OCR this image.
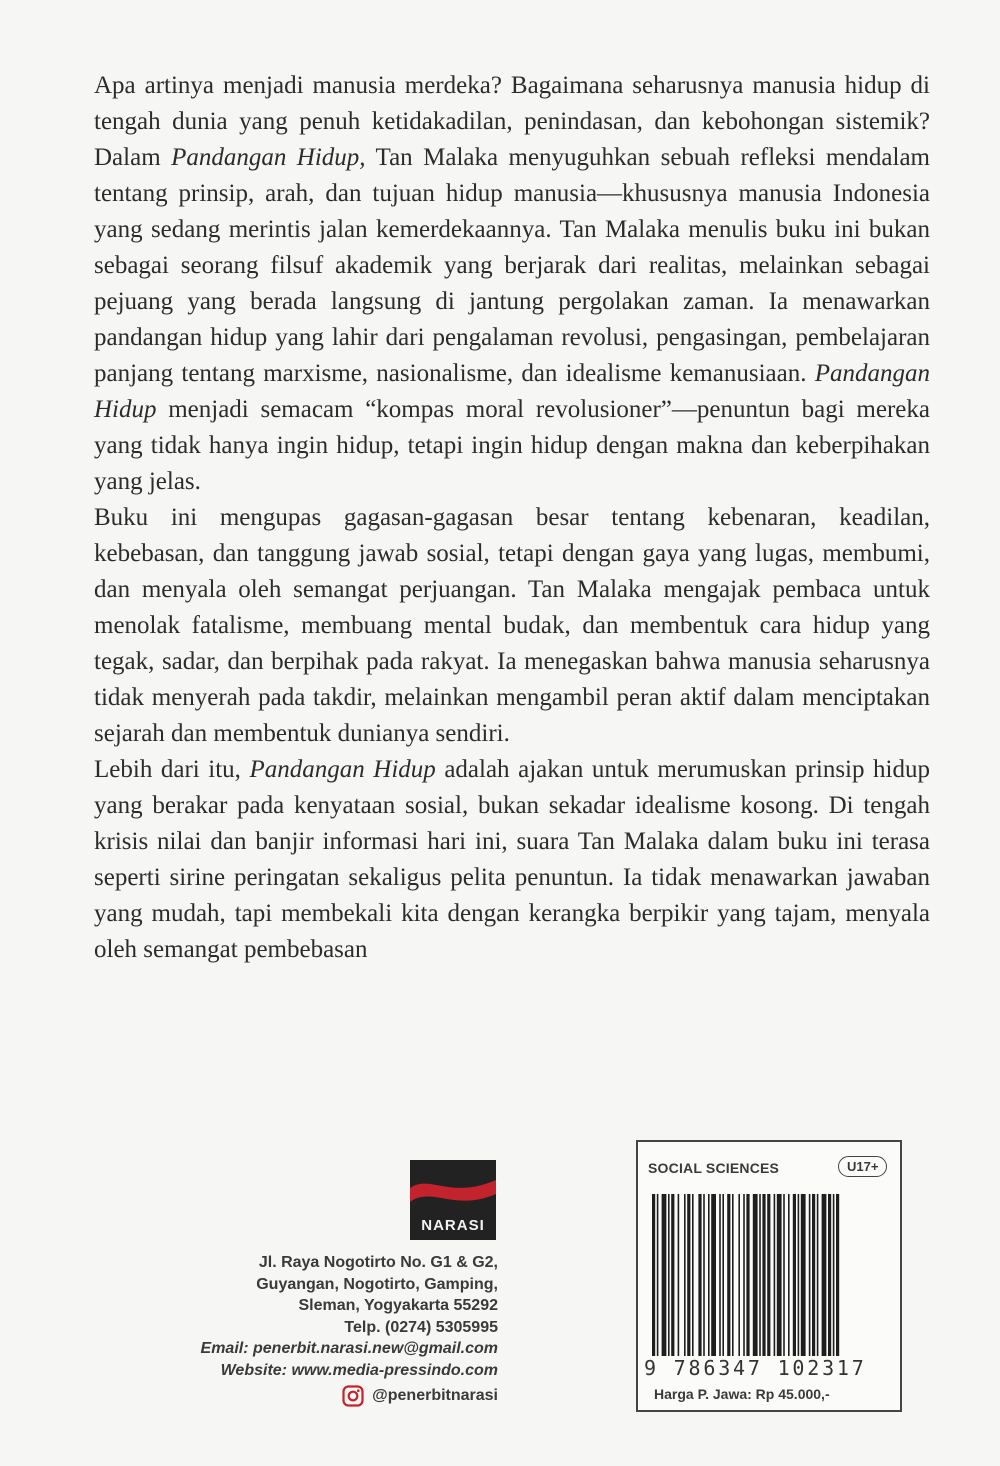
Apa artinya menjadi manusia merdeka? Bagaimana seharusnya manusia hidup di tengah dunia yang penuh ketidakadilan, penindasan, dan kebohongan sistemik? Dalam Pandangan Hidup, Tan Malaka menyuguhkan sebuah refleksi mendalam tentang prinsip, arah, dan tujuan hidup manusia—khususnya manusia Indonesia yang sedang merintis jalan kemerdekaannya. Tan Malaka menulis buku ini bukan sebagai seorang filsuf akademik yang berjarak dari realitas, melainkan sebagai pejuang yang berada langsung di jantung pergolakan zaman. Ia menawarkan pandangan hidup yang lahir dari pengalaman revolusi, pengasingan, pembelajaran panjang tentang marxisme, nasionalisme, dan idealisme kemanusiaan. Pandangan Hidup menjadi semacam “kompas moral revolusioner”—penuntun bagi mereka yang tidak hanya ingin hidup, tetapi ingin hidup dengan makna dan keberpihakan yang jelas.

Buku ini mengupas gagasan-gagasan besar tentang kebenaran, keadilan, kebebasan, dan tanggung jawab sosial, tetapi dengan gaya yang lugas, membumi, dan menyala oleh semangat perjuangan. Tan Malaka mengajak pembaca untuk menolak fatalisme, membuang mental budak, dan membentuk cara hidup yang tegak, sadar, dan berpihak pada rakyat. Ia menegaskan bahwa manusia seharusnya tidak menyerah pada takdir, melainkan mengambil peran aktif dalam menciptakan sejarah dan membentuk dunianya sendiri.

Lebih dari itu, Pandangan Hidup adalah ajakan untuk merumuskan prinsip hidup yang berakar pada kenyataan sosial, bukan sekadar idealisme kosong. Di tengah krisis nilai dan banjir informasi hari ini, suara Tan Malaka dalam buku ini terasa seperti sirine peringatan sekaligus pelita penuntun. Ia tidak menawarkan jawaban yang mudah, tapi membekali kita dengan kerangka berpikir yang tajam, menyala oleh semangat pembebasan

NARASI
Jl. Raya Nogotirto No. G1 & G2,
Guyangan, Nogotirto, Gamping,
Sleman, Yogyakarta 55292
Telp. (0274) 5305995
Email: penerbit.narasi.new@gmail.com
Website: www.media-pressindo.com
@penerbitnarasi
SOCIAL SCIENCES	U17+
9 786347 102317
Harga P. Jawa: Rp 45.000,-
